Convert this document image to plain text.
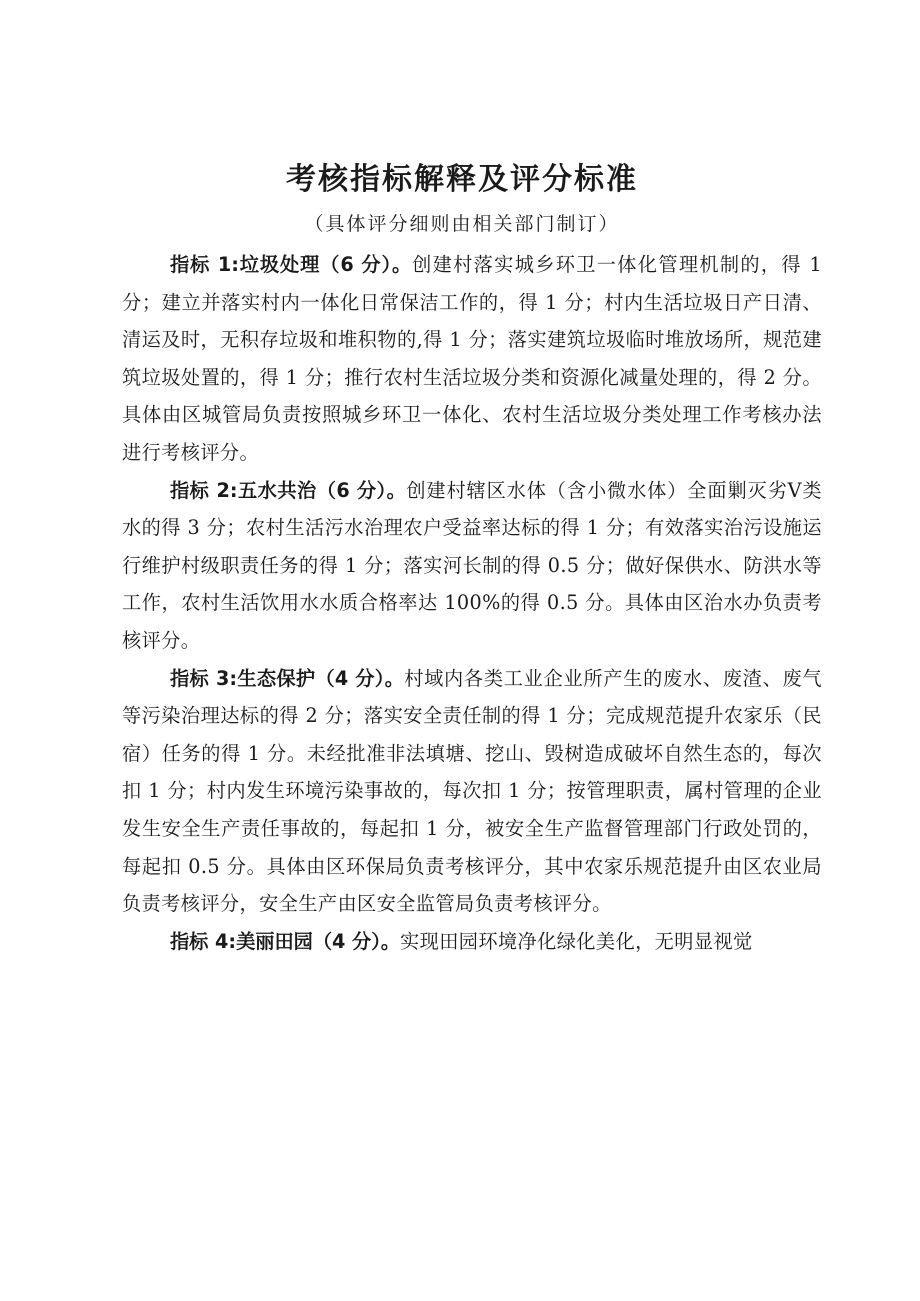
考核指标解释及评分标准
（具体评分细则由相关部门制订）

指标 1:垃圾处理（6 分）。创建村落实城乡环卫一体化管理机制的，得 1 分；建立并落实村内一体化日常保洁工作的，得 1 分；村内生活垃圾日产日清、清运及时，无积存垃圾和堆积物的,得 1 分；落实建筑垃圾临时堆放场所，规范建筑垃圾处置的，得 1 分；推行农村生活垃圾分类和资源化减量处理的，得 2 分。具体由区城管局负责按照城乡环卫一体化、农村生活垃圾分类处理工作考核办法进行考核评分。

指标 2:五水共治（6 分）。创建村辖区水体（含小微水体）全面剿灭劣Ⅴ类水的得 3 分；农村生活污水治理农户受益率达标的得 1 分；有效落实治污设施运行维护村级职责任务的得 1 分；落实河长制的得 0.5 分；做好保供水、防洪水等工作，农村生活饮用水水质合格率达 100%的得 0.5 分。具体由区治水办负责考核评分。

指标 3:生态保护（4 分）。村域内各类工业企业所产生的废水、废渣、废气等污染治理达标的得 2 分；落实安全责任制的得 1 分；完成规范提升农家乐（民宿）任务的得 1 分。未经批准非法填塘、挖山、毁树造成破坏自然生态的，每次扣 1 分；村内发生环境污染事故的，每次扣 1 分；按管理职责，属村管理的企业发生安全生产责任事故的，每起扣 1 分，被安全生产监督管理部门行政处罚的，每起扣 0.5 分。具体由区环保局负责考核评分，其中农家乐规范提升由区农业局负责考核评分，安全生产由区安全监管局负责考核评分。

指标 4:美丽田园（4 分）。实现田园环境净化绿化美化，无明显视觉
